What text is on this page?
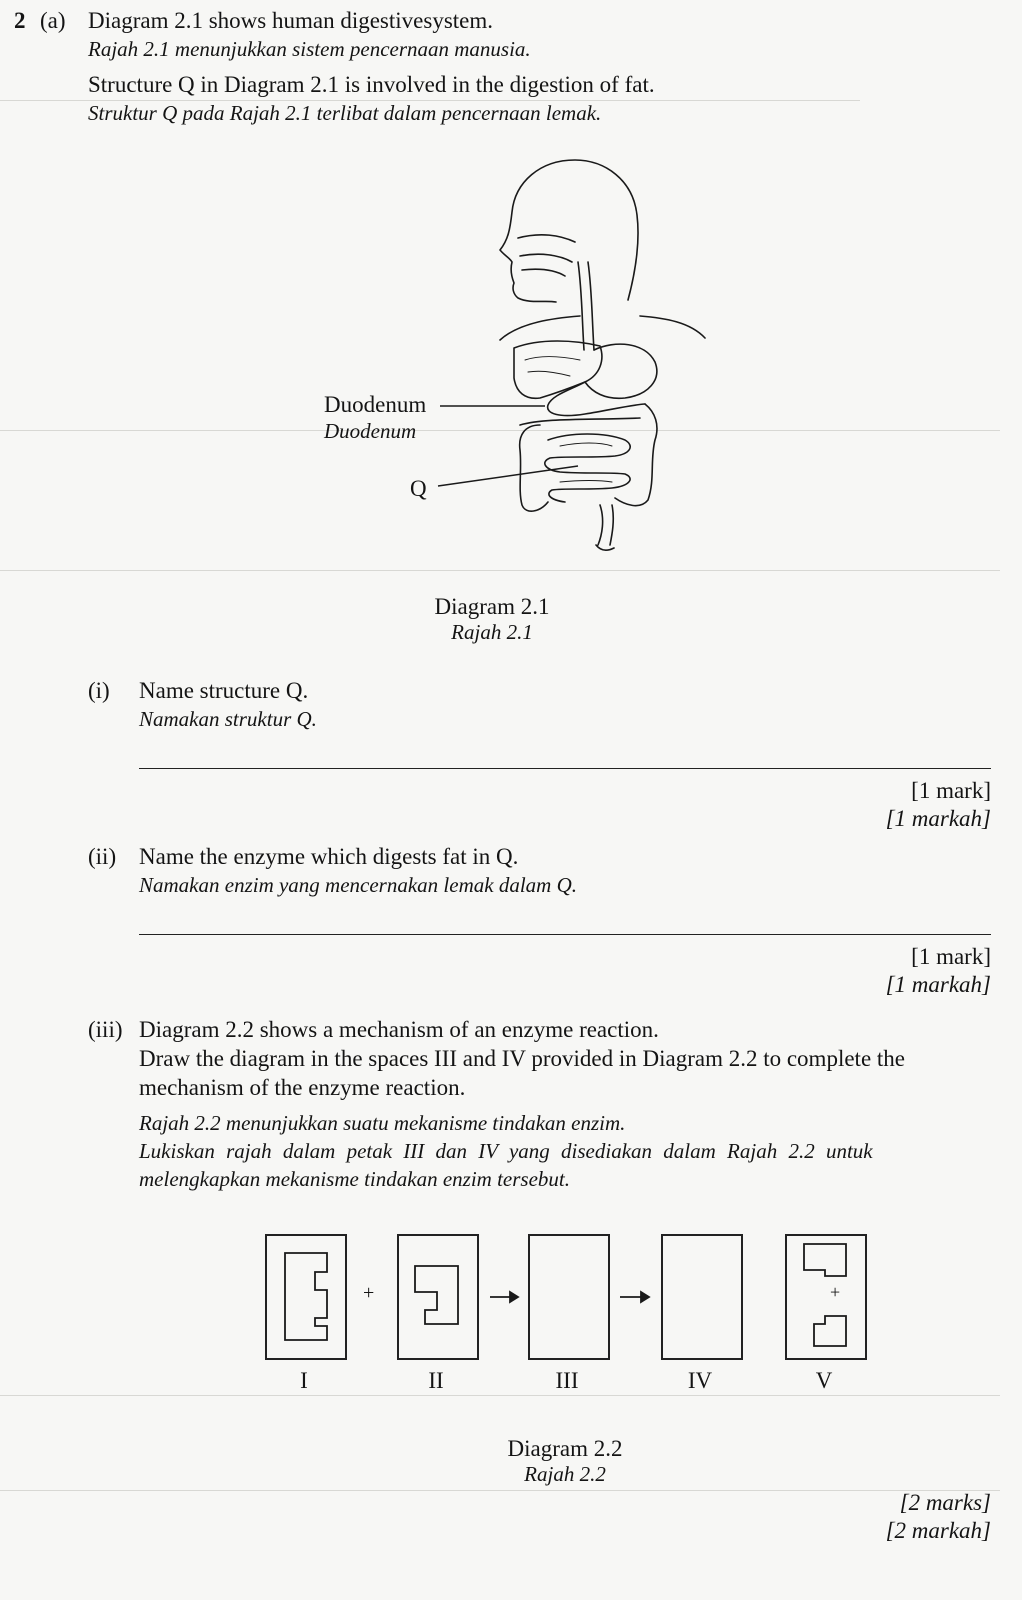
2 (a) Diagram 2.1 shows human digestivesystem.
Rajah 2.1 menunjukkan sistem pencernaan manusia.
Structure Q in Diagram 2.1 is involved in the digestion of fat.
Struktur Q pada Rajah 2.1 terlibat dalam pencernaan lemak.
Duodenum
Duodenum
Q
Diagram 2.1
Rajah 2.1
(i) Name structure Q.
Namakan struktur Q.
[1 mark]
[1 markah]
(ii) Name the enzyme which digests fat in Q.
Namakan enzim yang mencernakan lemak dalam Q.
[1 mark]
[1 markah]
(iii) Diagram 2.2 shows a mechanism of an enzyme reaction.
Draw the diagram in the spaces III and IV provided in Diagram 2.2 to complete the
mechanism of the enzyme reaction.
Rajah 2.2 menunjukkan suatu mekanisme tindakan enzim.
Lukiskan rajah dalam petak III dan IV yang disediakan dalam Rajah 2.2 untuk
melengkapkan mekanisme tindakan enzim tersebut.
+	+
I	II	III	IV	V
Diagram 2.2
Rajah 2.2
[2 marks]
[2 markah]
